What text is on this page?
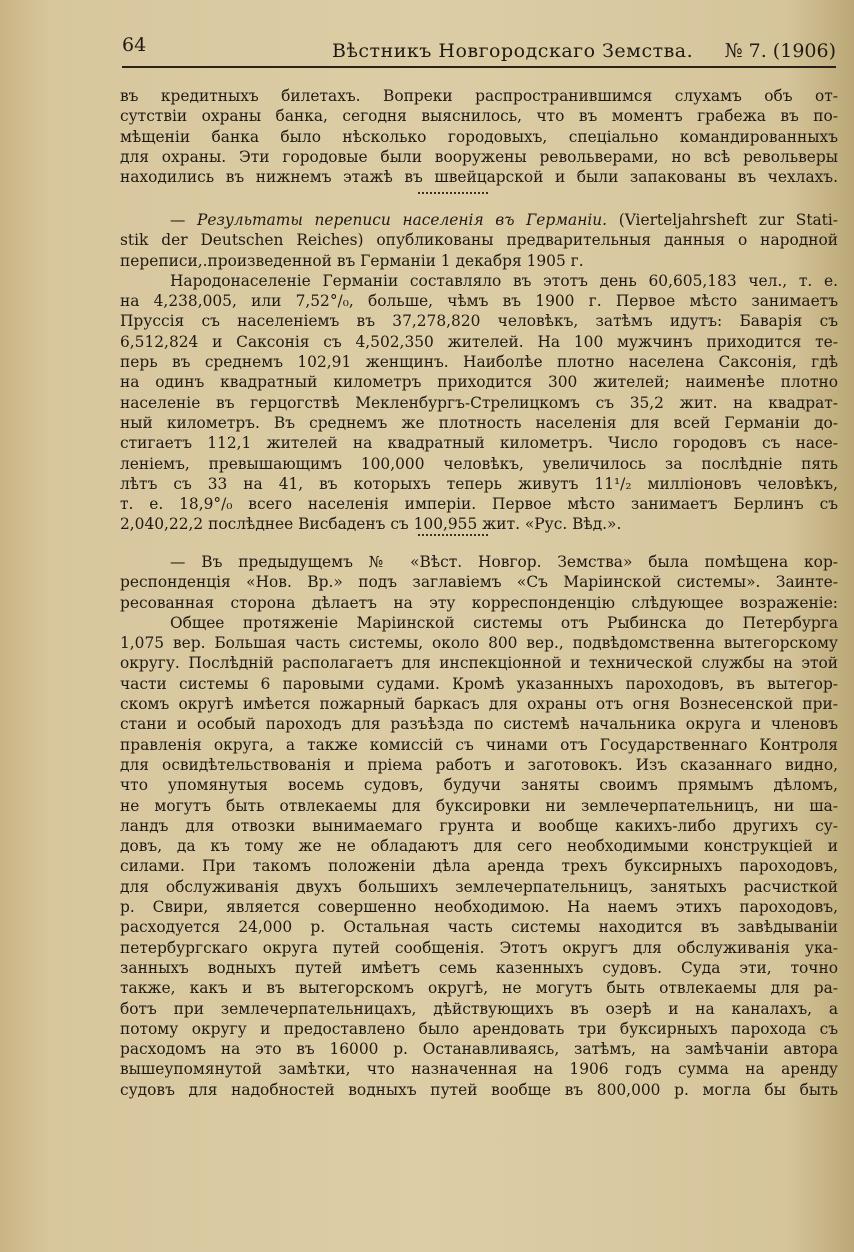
64	Вѣстникъ Новгородскаго Земства. № 7. (1906)

въ кредитныхъ билетахъ. Вопреки распространившимся слухамъ объ от-

сутствіи охраны банка, сегодня выяснилось, что въ моментъ грабежа въ по-

мѣщеніи банка было нѣсколько городовыхъ, спеціально командированныхъ

для охраны. Эти городовые были вооружены револьверами, но всѣ револьверы

находились въ нижнемъ этажѣ въ швейцарской и были запакованы въ чехлахъ.

— Результаты переписи населенія въ Германіи. (Vierteljahrsheft zur Stati-

stik der Deutschen Reiches) опубликованы предварительныя данныя о народной

переписи,.произведенной въ Германіи 1 декабря 1905 г.

Народонаселеніе Германіи составляло въ этотъ день 60,605,183 чел., т. е.

на 4,238,005, или 7,52°/₀, больше, чѣмъ въ 1900 г. Первое мѣсто занимаетъ

Пруссія съ населеніемъ въ 37,278,820 человѣкъ, затѣмъ идутъ: Баварія съ

6,512,824 и Саксонія съ 4,502,350 жителей. На 100 мужчинъ приходится те-

перь въ среднемъ 102,91 женщинъ. Наиболѣе плотно населена Саксонія, гдѣ

на одинъ квадратный километръ приходится 300 жителей; наименѣе плотно

населеніе въ герцогствѣ Мекленбургъ-Стрелицкомъ съ 35,2 жит. на квадрат-

ный километръ. Въ среднемъ же плотность населенія для всей Германіи до-

стигаетъ 112,1 жителей на квадратный километръ. Число городовъ съ насе-

леніемъ, превышающимъ 100,000 человѣкъ, увеличилось за послѣдніе пять

лѣтъ съ 33 на 41, въ которыхъ теперь живутъ 11¹/₂ милліоновъ человѣкъ,

т. е. 18,9°/₀ всего населенія имперіи. Первое мѣсто занимаетъ Берлинъ съ

2,040,22,2 послѣднее Висбаденъ съ 100,955 жит. «Рус. Вѣд.».

— Въ предыдущемъ № «Вѣст. Новгор. Земства» была помѣщена кор-

респонденція «Нов. Вр.» подъ заглавіемъ «Съ Маріинской системы». Заинте-

ресованная сторона дѣлаетъ на эту корреспонденцію слѣдующее возраженіе:

Общее протяженіе Маріинской системы отъ Рыбинска до Петербурга

1,075 вер. Большая часть системы, около 800 вер., подвѣдомственна вытегорскому

округу. Послѣдній располагаетъ для инспекціонной и технической службы на этой

части системы 6 паровыми судами. Кромѣ указанныхъ пароходовъ, въ вытегор-

скомъ округѣ имѣется пожарный баркасъ для охраны отъ огня Вознесенской при-

стани и особый пароходъ для разъѣзда по системѣ начальника округа и членовъ

правленія округа, а также комиссій съ чинами отъ Государственнаго Контроля

для освидѣтельствованія и пріема работъ и заготовокъ. Изъ сказаннаго видно,

что упомянутыя восемь судовъ, будучи заняты своимъ прямымъ дѣломъ,

не могутъ быть отвлекаемы для буксировки ни землечерпательницъ, ни ша-

ландъ для отвозки вынимаемаго грунта и вообще какихъ-либо другихъ су-

довъ, да къ тому же не обладаютъ для сего необходимыми конструкціей и

силами. При такомъ положеніи дѣла аренда трехъ буксирныхъ пароходовъ,

для обслуживанія двухъ большихъ землечерпательницъ, занятыхъ расчисткой

р. Свири, является совершенно необходимою. На наемъ этихъ пароходовъ,

расходуется 24,000 р. Остальная часть системы находится въ завѣдываніи

петербургскаго округа путей сообщенія. Этотъ округъ для обслуживанія ука-

занныхъ водныхъ путей имѣетъ семь казенныхъ судовъ. Суда эти, точно

также, какъ и въ вытегорскомъ округѣ, не могутъ быть отвлекаемы для ра-

ботъ при землечерпательницахъ, дѣйствующихъ въ озерѣ и на каналахъ, а

потому округу и предоставлено было арендовать три буксирныхъ парохода съ

расходомъ на это въ 16000 р. Останавливаясь, затѣмъ, на замѣчаніи автора

вышеупомянутой замѣтки, что назначенная на 1906 годъ сумма на аренду

судовъ для надобностей водныхъ путей вообще въ 800,000 р. могла бы быть
